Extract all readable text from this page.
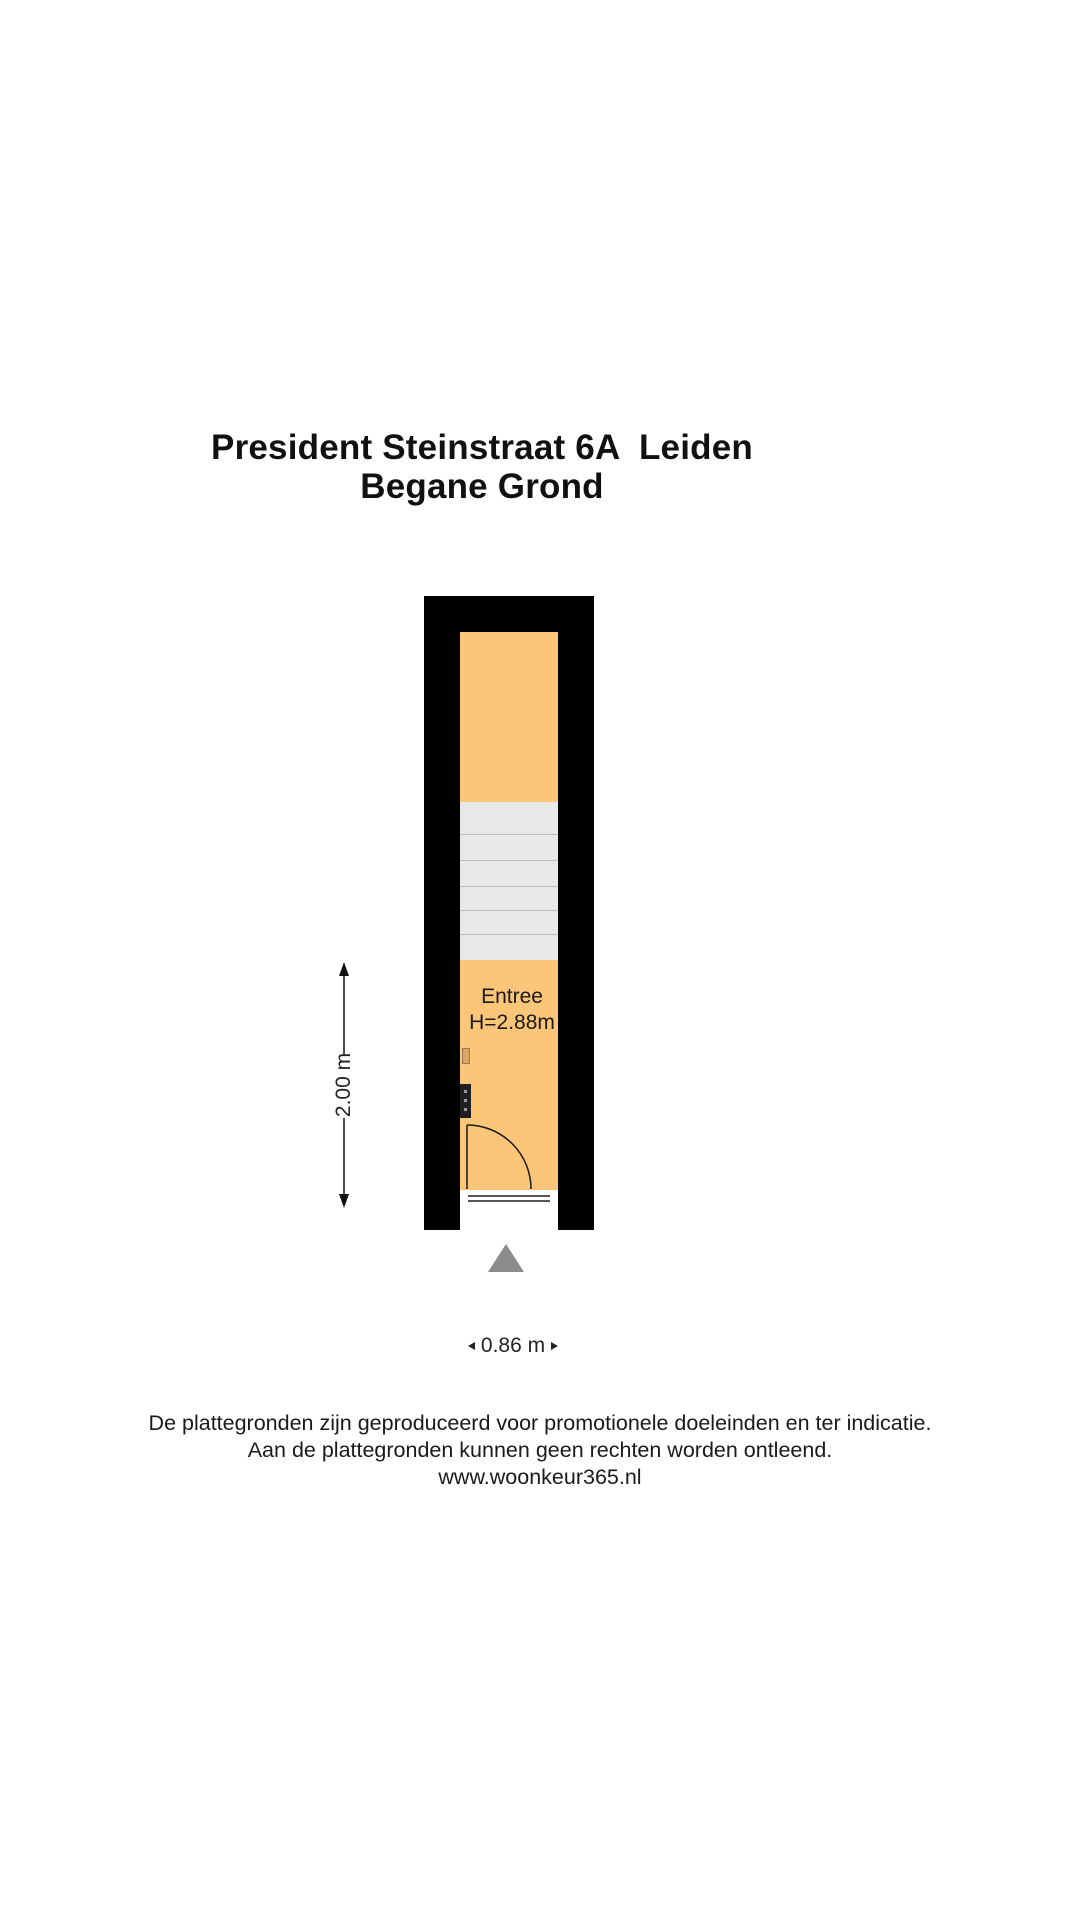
President Steinstraat 6A  Leiden
Begane Grond
Entree
H=2.88m
2.00 m
0.86 m
De plattegronden zijn geproduceerd voor promotionele doeleinden en ter indicatie.
Aan de plattegronden kunnen geen rechten worden ontleend.
www.woonkeur365.nl
